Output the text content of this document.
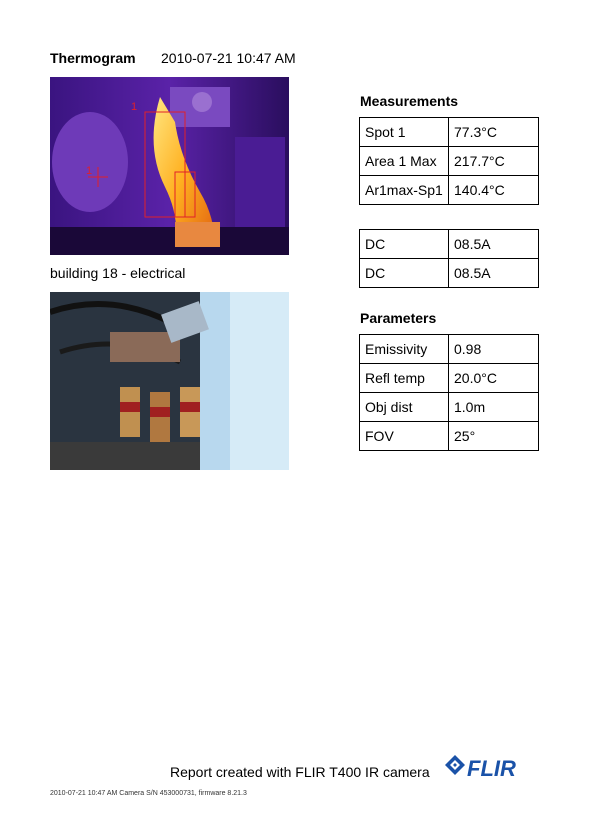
Thermogram 2010-07-21 10:47 AM
1
1
building 18 - electrical
Measurements
Spot 1	77.3°C
Area 1 Max	217.7°C
Ar1max-Sp1	140.4°C
DC	08.5A
DC	08.5A
Parameters
Emissivity	0.98
Refl temp	20.0°C
Obj dist	1.0m
FOV	25°
Report created with FLIR T400 IR camera FLIR
2010-07-21 10:47 AM Camera S/N 453000731, firmware 8.21.3
